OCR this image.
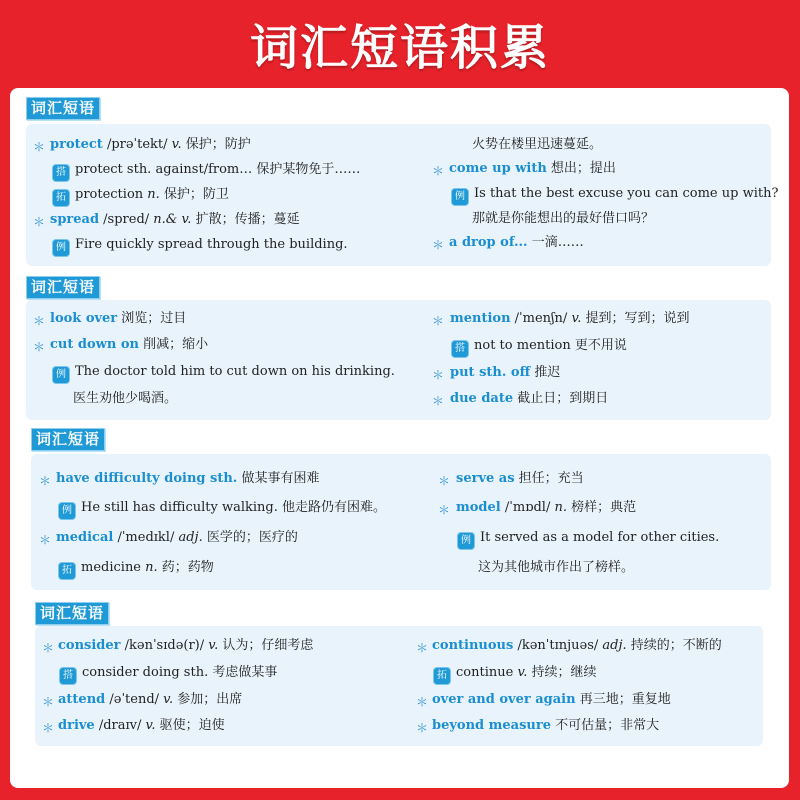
词汇短语积累
词汇短语
＊ protect /prəˈtekt/ v. 保护；防护
搭 protect sth. against/from… 保护某物免于……
拓 protection n. 保护；防卫
＊ spread /spred/ n.& v. 扩散；传播；蔓延
例 Fire quickly spread through the building.
火势在楼里迅速蔓延。
＊ come up with 想出；提出
例 Is that the best excuse you can come up with?
那就是你能想出的最好借口吗？
＊ a drop of... 一滴……
词汇短语
＊ look over 浏览；过目
＊ cut down on 削减；缩小
例 The doctor told him to cut down on his drinking.
医生劝他少喝酒。
＊ mention /ˈmenʃn/ v. 提到；写到；说到
搭 not to mention 更不用说
＊ put sth. off 推迟
＊ due date 截止日；到期日
词汇短语
＊ have difficulty doing sth. 做某事有困难
例 He still has difficulty walking. 他走路仍有困难。
＊ medical /ˈmedɪkl/ adj. 医学的；医疗的
拓 medicine n. 药；药物
＊ serve as 担任；充当
＊ model /ˈmɒdl/ n. 榜样；典范
例 It served as a model for other cities.
这为其他城市作出了榜样。
词汇短语
＊ consider /kənˈsɪdə(r)/ v. 认为；仔细考虑
搭 consider doing sth. 考虑做某事
＊ attend /əˈtend/ v. 参加；出席
＊ drive /draɪv/ v. 驱使；迫使
＊ continuous /kənˈtɪnjuəs/ adj. 持续的；不断的
拓 continue v. 持续；继续
＊ over and over again 再三地；重复地
＊ beyond measure 不可估量；非常大
